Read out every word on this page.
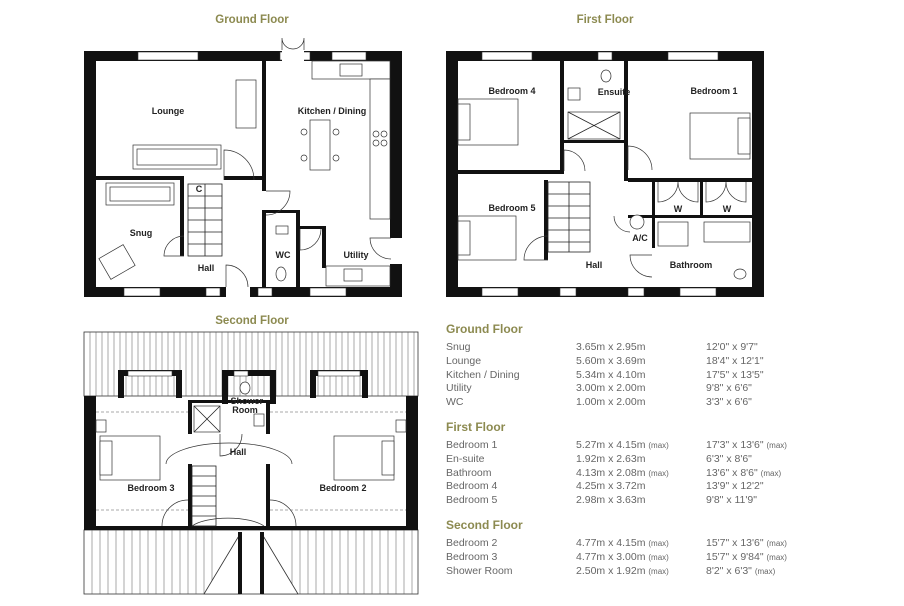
Ground Floor
Lounge	Kitchen / Dining
Snug
C
Hall
WC	Utility
First Floor
Bedroom 4	Ensuite	Bedroom 1
Bedroom 5	W	W
A/C
Hall	Bathroom
Second Floor
Shower Room
Hall
Bedroom 3	Bedroom 2
Ground Floor
Snug	3.65m x 2.95m	12'0" x 9'7"
Lounge	5.60m x 3.69m	18'4" x 12'1"
Kitchen / Dining	5.34m x 4.10m	17'5" x 13'5"
Utility	3.00m x 2.00m	9'8" x 6'6"
WC	1.00m x 2.00m	3'3" x 6'6"
First Floor
Bedroom 1	5.27m x 4.15m (max)	17'3" x 13'6" (max)
En-suite	1.92m x 2.63m	6'3" x 8'6"
Bathroom	4.13m x 2.08m (max)	13'6" x 8'6" (max)
Bedroom 4	4.25m x 3.72m	13'9" x 12'2"
Bedroom 5	2.98m x 3.63m	9'8" x 11'9"
Second Floor
Bedroom 2	4.77m x 4.15m (max)	15'7" x 13'6" (max)
Bedroom 3	4.77m x 3.00m (max)	15'7" x 9'84" (max)
Shower Room	2.50m x 1.92m (max)	8'2" x 6'3" (max)
